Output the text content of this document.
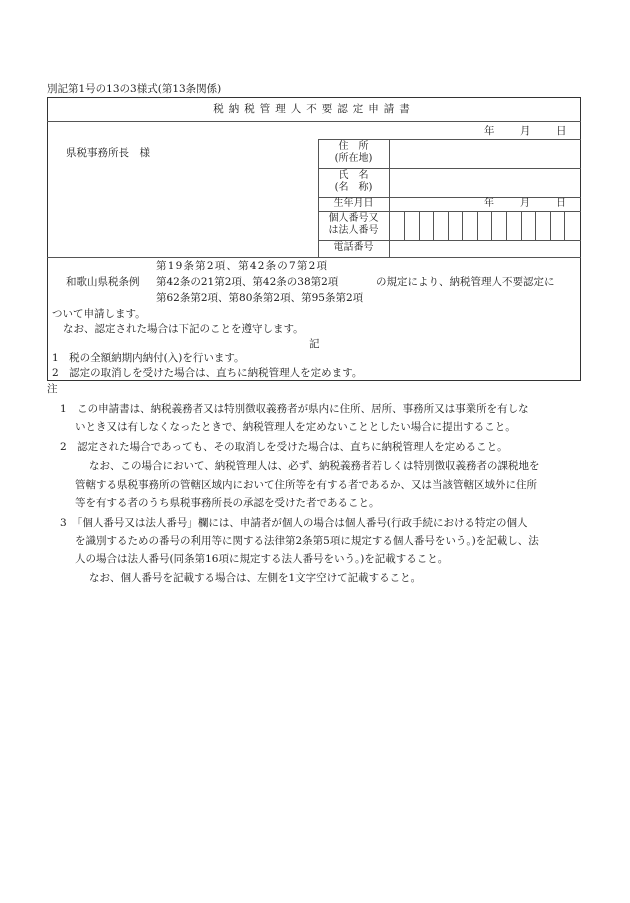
別記第1号の13の3様式(第13条関係)
税納税管理人不要認定申請書
年 月 日
県税事務所長　様
住　所
(所在地)
氏　名
(名　称)
生年月日	年	月	日
個人番号又
は法人番号
電話番号
第19条第2項、第42条の7第2項
和歌山県税条例 第42条の21第2項、第42条の38第2項	の規定により、納税管理人不要認定に
第62条第2項、第80条第2項、第95条第2項
ついて申請します。
なお、認定された場合は下記のことを遵守します。
記
1　税の全額納期内納付(入)を行います。
2　認定の取消しを受けた場合は、直ちに納税管理人を定めます。
注
1　この申請書は、納税義務者又は特別徴収義務者が県内に住所、居所、事務所又は事業所を有しな
いとき又は有しなくなったときで、納税管理人を定めないこととしたい場合に提出すること。
2　認定された場合であっても、その取消しを受けた場合は、直ちに納税管理人を定めること。
なお、この場合において、納税管理人は、必ず、納税義務者若しくは特別徴収義務者の課税地を
管轄する県税事務所の管轄区域内において住所等を有する者であるか、又は当該管轄区域外に住所
等を有する者のうち県税事務所長の承認を受けた者であること。
3　「個人番号又は法人番号」欄には、申請者が個人の場合は個人番号(行政手続における特定の個人
を識別するための番号の利用等に関する法律第2条第5項に規定する個人番号をいう。)を記載し、法
人の場合は法人番号(同条第16項に規定する法人番号をいう。)を記載すること。
なお、個人番号を記載する場合は、左側を1文字空けて記載すること。
